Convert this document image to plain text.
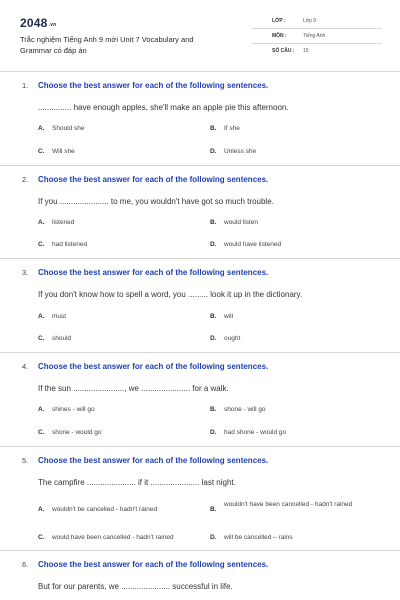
2048.vn
Trắc nghiệm Tiếng Anh 9 mới Unit 7 Vocabulary and Grammar có đáp án
LỚP :	Lớp 9
MÔN :	Tiếng Anh
SỐ CÂU : 15
1. Choose the best answer for each of the following sentences.
............... have enough apples, she'll make an apple pie this afternoon.
A. Should she	B. If she
C. Will she	D. Unless she
2. Choose the best answer for each of the following sentences.
If you ...................... to me, you wouldn't have got so much trouble.
A. listened	B. would listen
C. had listened	D. would have listened
3. Choose the best answer for each of the following sentences.
If you don't know how to spell a word, you ......... look it up in the dictionary.
A. must	B. will
C. should	D. ought
4. Choose the best answer for each of the following sentences.
If the sun ......................., we ...................... for a walk.
A. shines - will go	B. shone - will go
C. shone - would go	D. had shone - would go
5. Choose the best answer for each of the following sentences.
The campfire ...................... if it ...................... last night.
A. wouldn't be cancelled - hadn't rained	B.wouldn't have been cancelled - hadn't rained
C. would have been cancelled - hadn't rained	D. will be cancelled – rains
6. Choose the best answer for each of the following sentences.
But for our parents, we ...................... successful in life.
